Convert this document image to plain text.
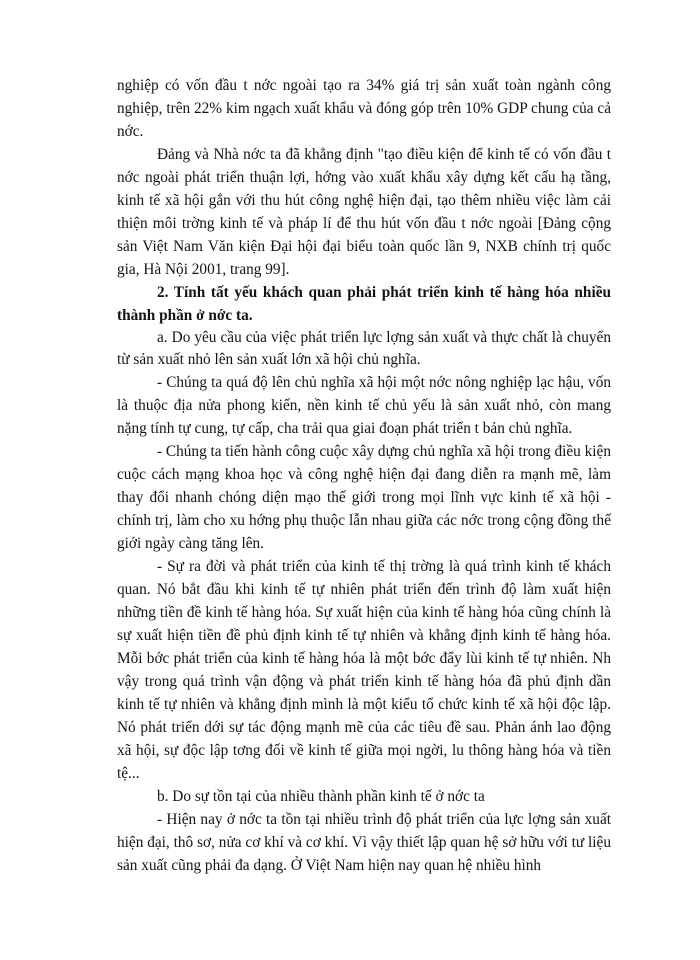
nghiệp có vốn đầu t nớc ngoài tạo ra 34% giá trị sản xuất toàn ngành công nghiệp, trên 22% kim ngạch xuất khẩu và đóng góp trên 10% GDP chung của cả nớc.

Đảng và Nhà nớc ta đã khẳng định "tạo điều kiện để kinh tế có vốn đầu t nớc ngoài phát triển thuận lợi, hớng vào xuất khẩu xây dựng kết cấu hạ tầng, kinh tế xã hội gắn với thu hút công nghệ hiện đại, tạo thêm nhiều việc làm cải thiện môi trờng kinh tế và pháp lí để thu hút vốn đầu t nớc ngoài [Đảng cộng sản Việt Nam Văn kiện Đại hội đại biểu toàn quốc lần 9, NXB chính trị quốc gia, Hà Nội 2001, trang 99].

2. Tính tất yếu khách quan phải phát triển kinh tế hàng hóa nhiều thành phần ở nớc ta.

a. Do yêu cầu của việc phát triển lực lợng sản xuất và thực chất là chuyển từ sản xuất nhỏ lên sản xuất lớn xã hội chủ nghĩa.

- Chúng ta quá độ lên chủ nghĩa xã hội một nớc nông nghiệp lạc hậu, vốn là thuộc địa nửa phong kiến, nền kinh tế chủ yếu là sản xuất nhỏ, còn mang nặng tính tự cung, tự cấp, cha trải qua giai đoạn phát triển t bản chủ nghĩa.

- Chúng ta tiến hành công cuộc xây dựng chủ nghĩa xã hội trong điều kiện cuộc cách mạng khoa học và công nghệ hiện đại đang diễn ra mạnh mẽ, làm thay đổi nhanh chóng diện mạo thế giới trong mọi lĩnh vực kinh tế xã hội - chính trị, làm cho xu hớng phụ thuộc lẫn nhau giữa các nớc trong cộng đồng thế giới ngày càng tăng lên.

- Sự ra đời và phát triển của kinh tế thị trờng là quá trình kinh tế khách quan. Nó bắt đầu khi kinh tế tự nhiên phát triển đến trình độ làm xuất hiện những tiền đề kinh tế hàng hóa. Sự xuất hiện của kinh tế hàng hóa cũng chính là sự xuất hiện tiền đề phủ định kinh tế tự nhiên và khẳng định kinh tế hàng hóa. Mỗi bớc phát triển của kinh tế hàng hóa là một bớc đẩy lùi kinh tế tự nhiên. Nh vậy trong quá trình vận động và phát triển kinh tế hàng hóa đã phủ định dần kinh tế tự nhiên và khẳng định mình là một kiểu tổ chức kinh tế xã hội độc lập. Nó phát triển dới sự tác động mạnh mẽ của các tiêu đề sau. Phản ánh lao động xã hội, sự độc lập tơng đối về kinh tế giữa mọi ngời, lu thông hàng hóa và tiền tệ...

b. Do sự tồn tại của nhiều thành phần kinh tế ở nớc ta

- Hiện nay ở nớc ta tồn tại nhiều trình độ phát triển của lực lợng sản xuất hiện đại, thô sơ, nửa cơ khí và cơ khí. Vì vậy thiết lập quan hệ sở hữu với tư liệu sản xuất cũng phải đa dạng. Ở Việt Nam hiện nay quan hệ nhiều hình
